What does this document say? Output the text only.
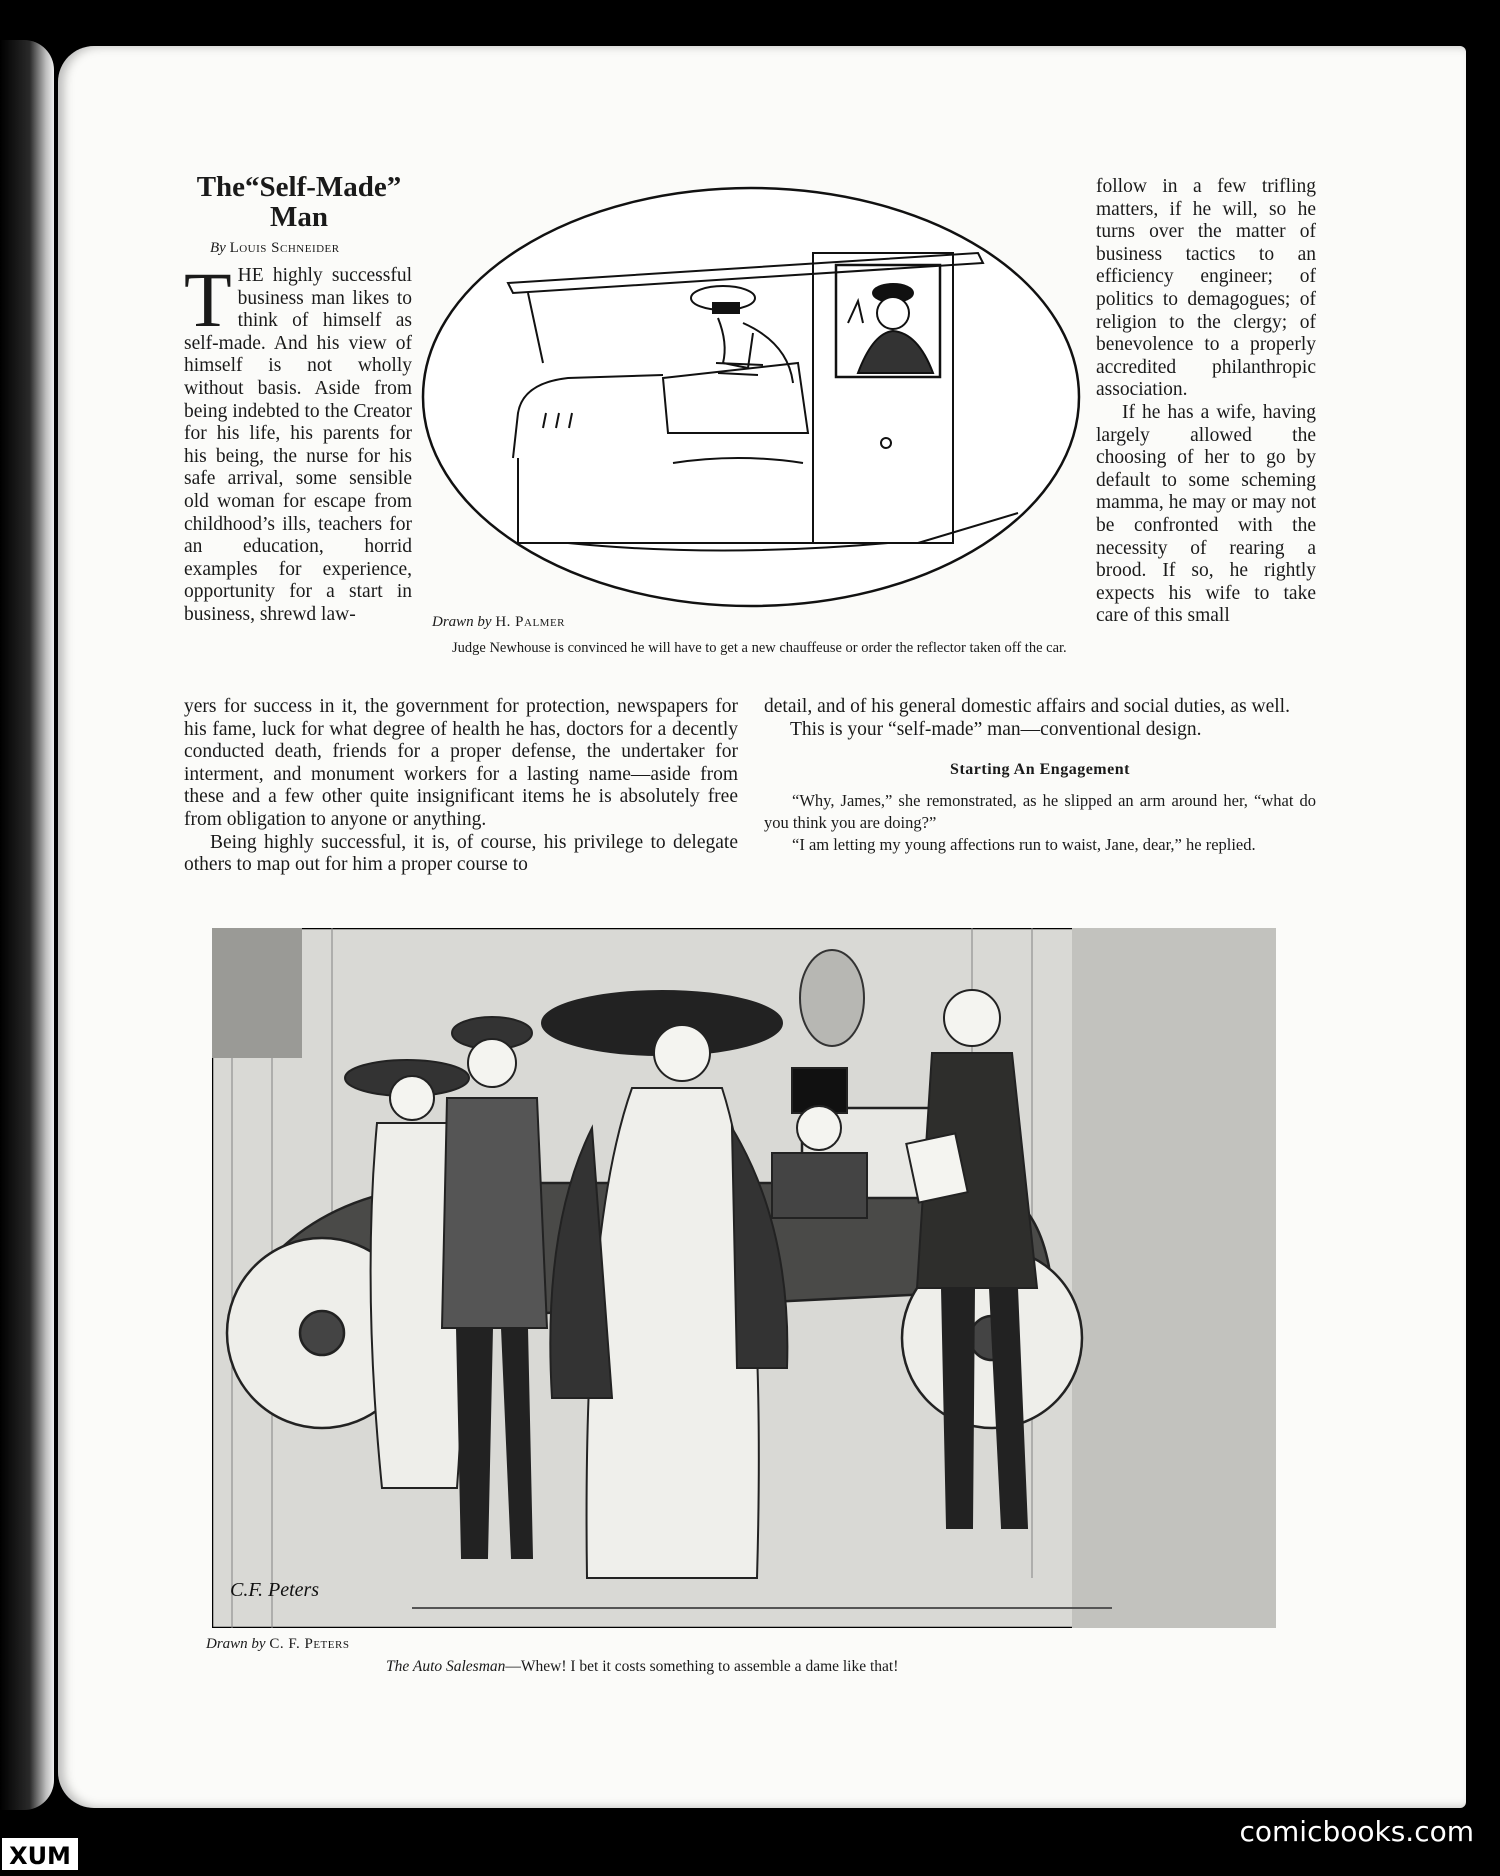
The“Self-Made” Man
By Louis Schneider
THE highly successful business man likes to think of himself as self-made. And his view of himself is not wholly without basis. Aside from being indebted to the Creator for his life, his parents for his being, the nurse for his safe arrival, some sensible old woman for escape from childhood’s ills, teachers for an education, horrid examples for experience, opportunity for a start in business, shrewd law-	Drawn by H. Palmer
Judge Newhouse is convinced he will have to get a new chauffeuse or order the reflector taken off the car.

follow in a few trifling matters, if he will, so he turns over the matter of business tactics to an efficiency engineer; of politics to demagogues; of religion to the clergy; of benevolence to a properly accredited philanthropic association.

If he has a wife, having largely allowed the choosing of her to go by default to some scheming mamma, he may or may not be confronted with the necessity of rearing a brood. If so, he rightly expects his wife to take care of this small

yers for success in it, the government for protection, newspapers for his fame, luck for what degree of health he has, doctors for a decently conducted death, friends for a proper defense, the undertaker for interment, and monument workers for a lasting name—aside from these and a few other quite insignificant items he is absolutely free from obligation to anyone or anything.

Being highly successful, it is, of course, his privilege to delegate others to map out for him a proper course to

detail, and of his general domestic affairs and social duties, as well.

This is your “self-made” man—conventional design.

Starting An Engagement

“Why, James,” she remonstrated, as he slipped an arm around her, “what do you think you are doing?”

“I am letting my young affections run to waist, Jane, dear,” he replied.

C.F. Peters
Drawn by C. F. Peters
The Auto Salesman—Whew! I bet it costs something to assemble a dame like that!
XUM
comicbooks.com
